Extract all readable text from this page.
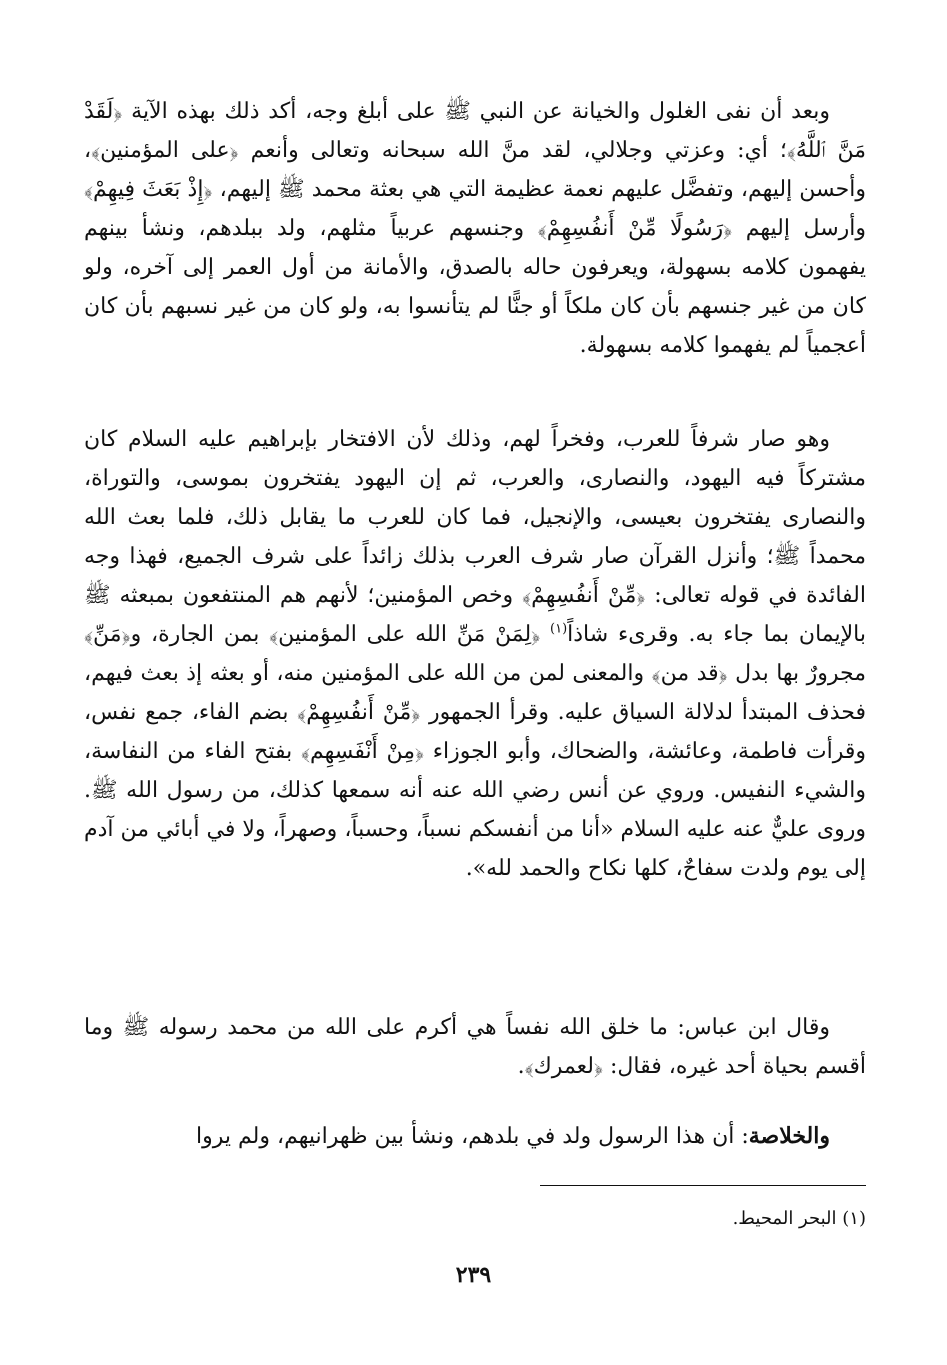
وبعد أن نفى الغلول والخيانة عن النبي ﷺ على أبلغ وجه، أكد ذلك بهذه الآية ﴿لَقَدْ مَنَّ ٱللَّهُ﴾؛ أي: وعزتي وجلالي، لقد منَّ الله سبحانه وتعالى وأنعم ﴿على المؤمنين﴾، وأحسن إليهم، وتفضَّل عليهم نعمة عظيمة التي هي بعثة محمد ﷺ إليهم، ﴿إِذْ بَعَثَ فِيهِمْ﴾ وأرسل إليهم ﴿رَسُولًا مِّنْ أَنفُسِهِمْ﴾ وجنسهم عربياً مثلهم، ولد ببلدهم، ونشأ بينهم يفهمون كلامه بسهولة، ويعرفون حاله بالصدق، والأمانة من أول العمر إلى آخره، ولو كان من غير جنسهم بأن كان ملكاً أو جنًّا لم يتأنسوا به، ولو كان من غير نسبهم بأن كان أعجمياً لم يفهموا كلامه بسهولة.

وهو صار شرفاً للعرب، وفخراً لهم، وذلك لأن الافتخار بإبراهيم عليه السلام كان مشتركاً فيه اليهود، والنصارى، والعرب، ثم إن اليهود يفتخرون بموسى، والتوراة، والنصارى يفتخرون بعيسى، والإنجيل، فما كان للعرب ما يقابل ذلك، فلما بعث الله محمداً ﷺ؛ وأنزل القرآن صار شرف العرب بذلك زائداً على شرف الجميع، فهذا وجه الفائدة في قوله تعالى: ﴿مِّنْ أَنفُسِهِمْ﴾ وخص المؤمنين؛ لأنهم هم المنتفعون بمبعثه ﷺ بالإيمان بما جاء به. وقرىء شاذاً$^{(١)}$ ﴿لِمَنْ مَنِّ الله على المؤمنين﴾ بمن الجارة، و﴿مَنِّ﴾ مجرورٌ بها بدل ﴿قد من﴾ والمعنى لمن من الله على المؤمنين منه، أو بعثه إذ بعث فيهم، فحذف المبتدأ لدلالة السياق عليه. وقرأ الجمهور ﴿مِّنْ أَنفُسِهِمْ﴾ بضم الفاء، جمع نفس، وقرأت فاطمة، وعائشة، والضحاك، وأبو الجوزاء ﴿مِنْ أَنْفَسِهِم﴾ بفتح الفاء من النفاسة، والشيء النفيس. وروي عن أنس رضي الله عنه أنه سمعها كذلك، من رسول الله ﷺ. وروى عليٌّ عنه عليه السلام «أنا من أنفسكم نسباً، وحسباً، وصهراً، ولا في أبائي من آدم إلى يوم ولدت سفاحٌ، كلها نكاح والحمد لله».

وقال ابن عباس: ما خلق الله نفساً هي أكرم على الله من محمد رسوله ﷺ وما أقسم بحياة أحد غيره، فقال: ﴿لعمرك﴾.

والخلاصة: أن هذا الرسول ولد في بلدهم، ونشأ بين ظهرانيهم، ولم يروا

(١) البحر المحيط.
٢٣٩
